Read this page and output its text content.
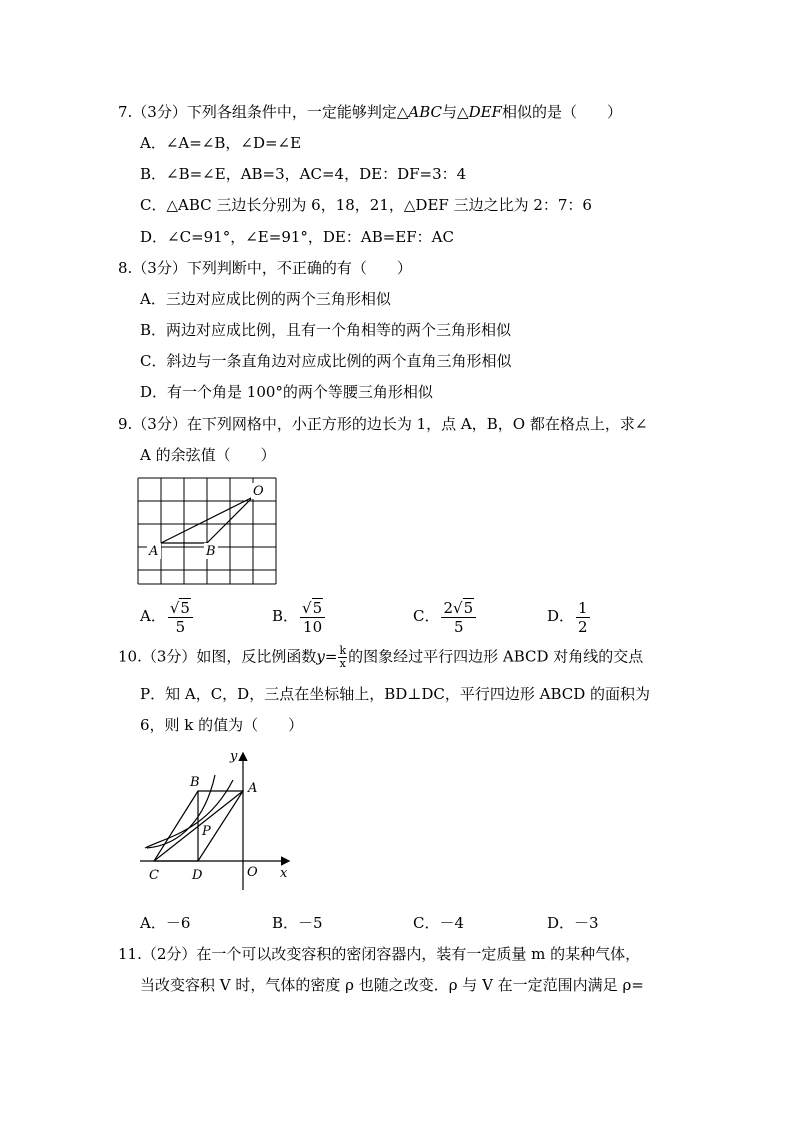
7.（3分）下列各组条件中，一定能够判定△ABC与△DEF相似的是（　　）
A．∠A=∠B，∠D=∠E
B．∠B=∠E，AB=3，AC=4，DE：DF=3：4
C．△ABC 三边长分别为 6，18，21，△DEF 三边之比为 2：7：6
D．∠C=91°，∠E=91°，DE：AB=EF：AC
8.（3分）下列判断中，不正确的有（　　）
A．三边对应成比例的两个三角形相似
B．两边对应成比例，且有一个角相等的两个三角形相似
C．斜边与一条直角边对应成比例的两个直角三角形相似
D．有一个角是 100°的两个等腰三角形相似
9.（3分）在下列网格中，小正方形的边长为 1，点 A，B，O 都在格点上，求∠
A 的余弦值（　　）
O
A	B
A． $\frac{√5}{5}$	B． $\frac{√5}{10}$	C． $\frac{2√5}{5}$	D． $\frac{1}{2}$
10.（3分）如图，反比例函数$y= \frac{k}{x}$ 的图象经过平行四边形 ABCD 对角线的交点
P．知 A，C，D，三点在坐标轴上，BD⊥DC，平行四边形 ABCD 的面积为
6，则 k 的值为（　　）
y
x
A
B
C	D	O
P
A．－6	B．－5	C．－4	D．－3
11.（2分）在一个可以改变容积的密闭容器内，装有一定质量 m 的某种气体，
当改变容积 V 时，气体的密度 ρ 也随之改变．ρ 与 V 在一定范围内满足 ρ=
